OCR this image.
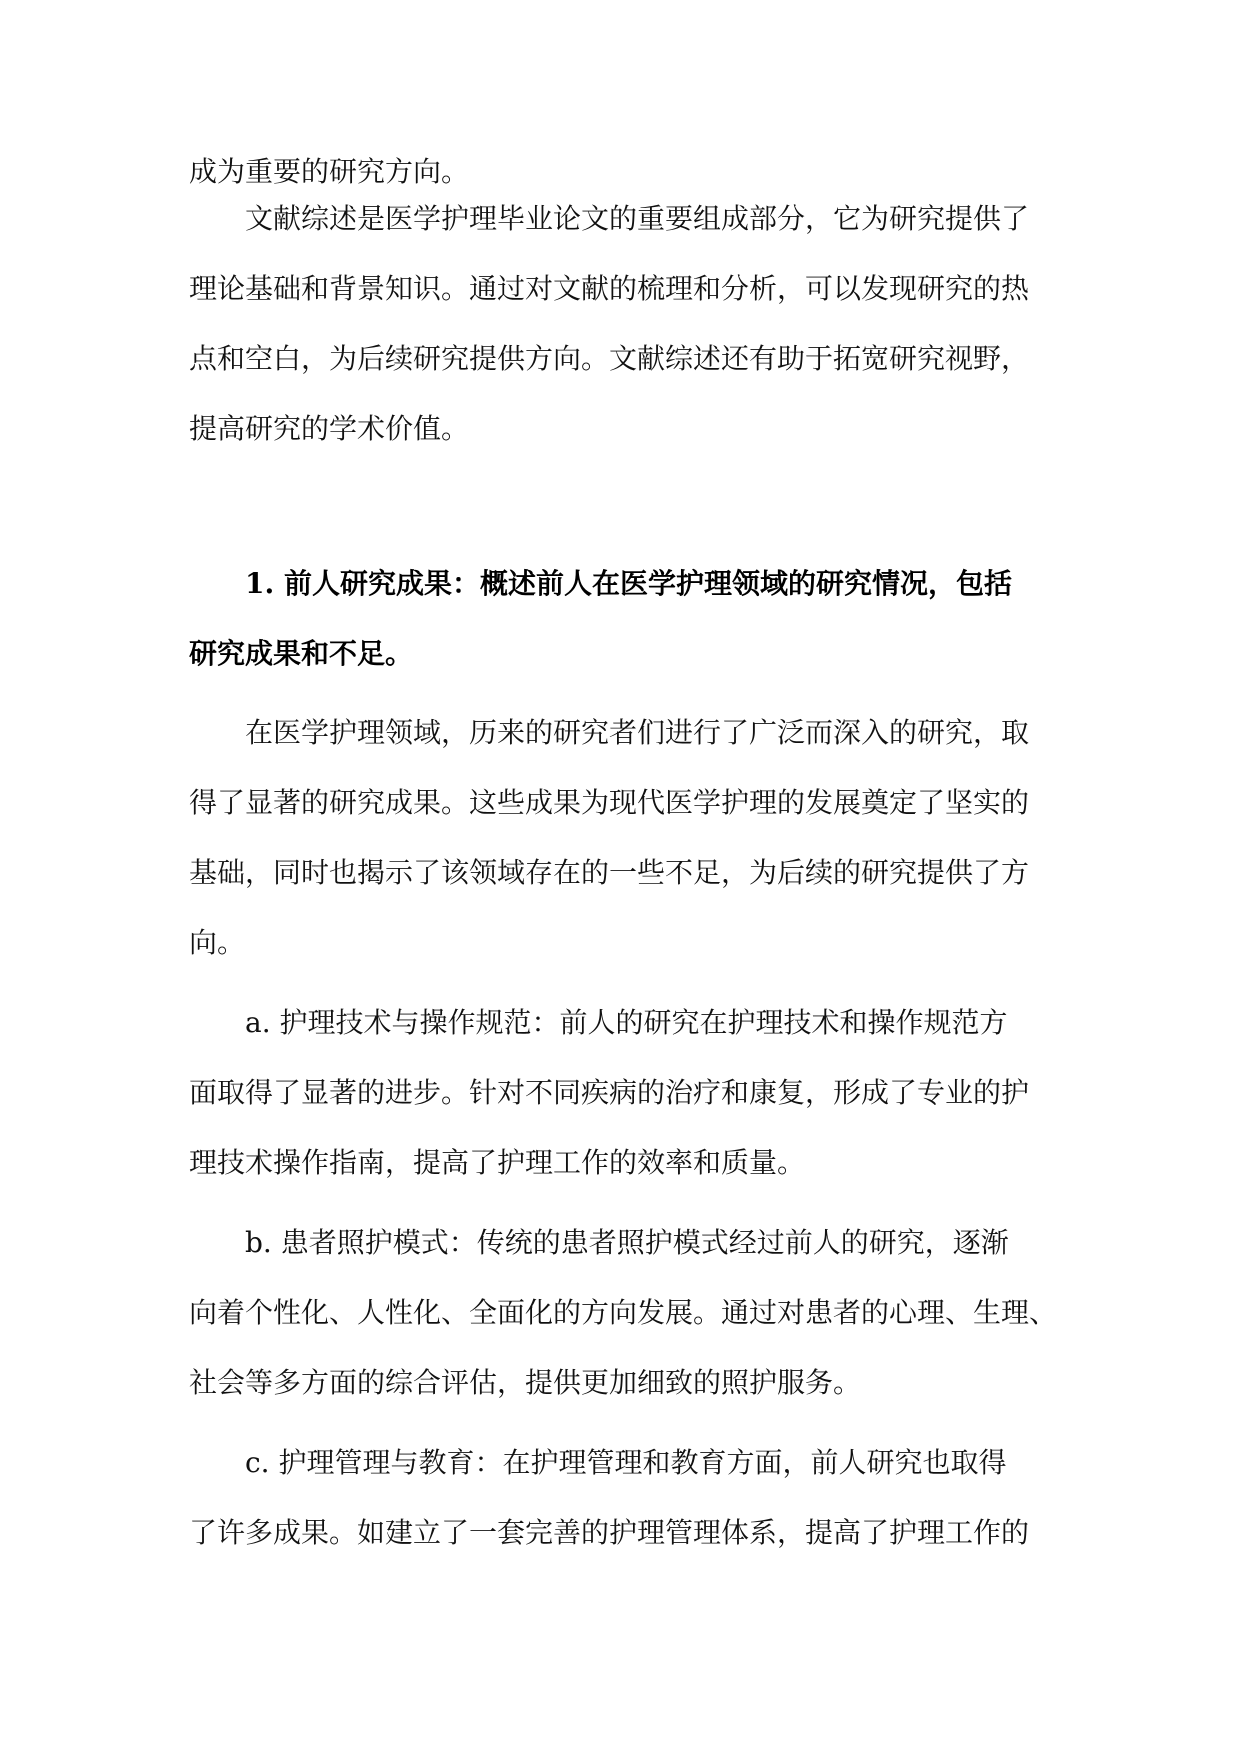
成为重要的研究方向。
文献综述是医学护理毕业论文的重要组成部分，它为研究提供了
理论基础和背景知识。通过对文献的梳理和分析，可以发现研究的热
点和空白，为后续研究提供方向。文献综述还有助于拓宽研究视野，
提高研究的学术价值。
1. 前人研究成果：概述前人在医学护理领域的研究情况，包括
研究成果和不足。
在医学护理领域，历来的研究者们进行了广泛而深入的研究，取
得了显著的研究成果。这些成果为现代医学护理的发展奠定了坚实的
基础，同时也揭示了该领域存在的一些不足，为后续的研究提供了方
向。
a. 护理技术与操作规范：前人的研究在护理技术和操作规范方
面取得了显著的进步。针对不同疾病的治疗和康复，形成了专业的护
理技术操作指南，提高了护理工作的效率和质量。
b. 患者照护模式：传统的患者照护模式经过前人的研究，逐渐
向着个性化、人性化、全面化的方向发展。通过对患者的心理、生理、
社会等多方面的综合评估，提供更加细致的照护服务。
c. 护理管理与教育：在护理管理和教育方面，前人研究也取得
了许多成果。如建立了一套完善的护理管理体系，提高了护理工作的
